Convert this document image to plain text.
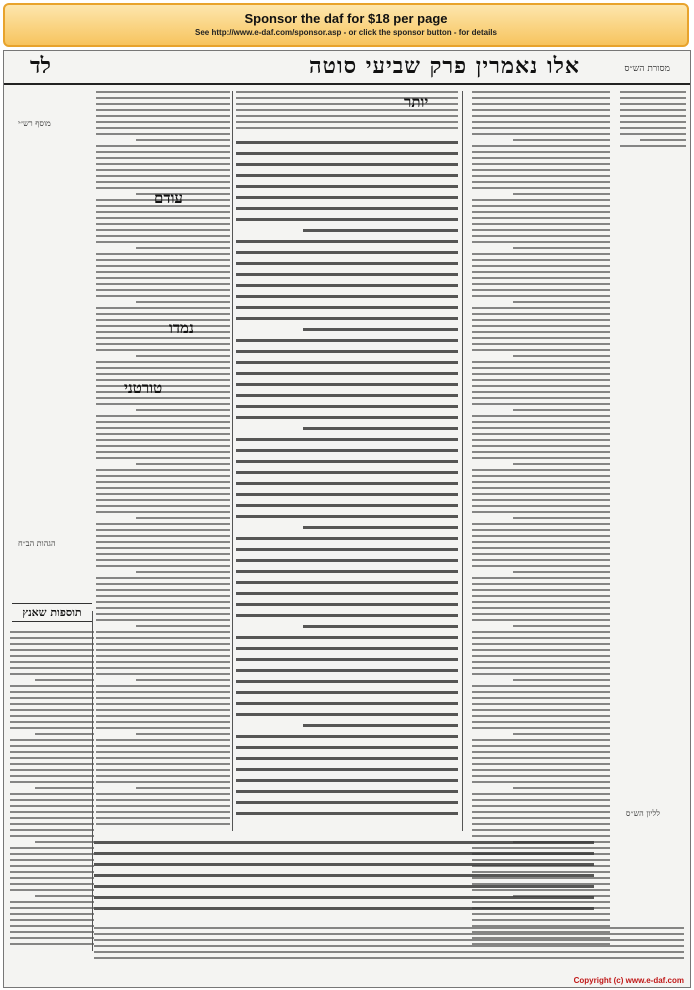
Sponsor the daf for $18 per page
See http://www.e-daf.com/sponsor.asp - or click the sponsor button - for details
מסורת הש״ס
אלו נאמרין פרק שביעי סוטה
לד
יותר
עודם
נמדו
טורטני
תוספות שאנץ
לליון הש״ס
מוסף רש״י
הגהות הב״ח
Copyright (c) www.e-daf.com
